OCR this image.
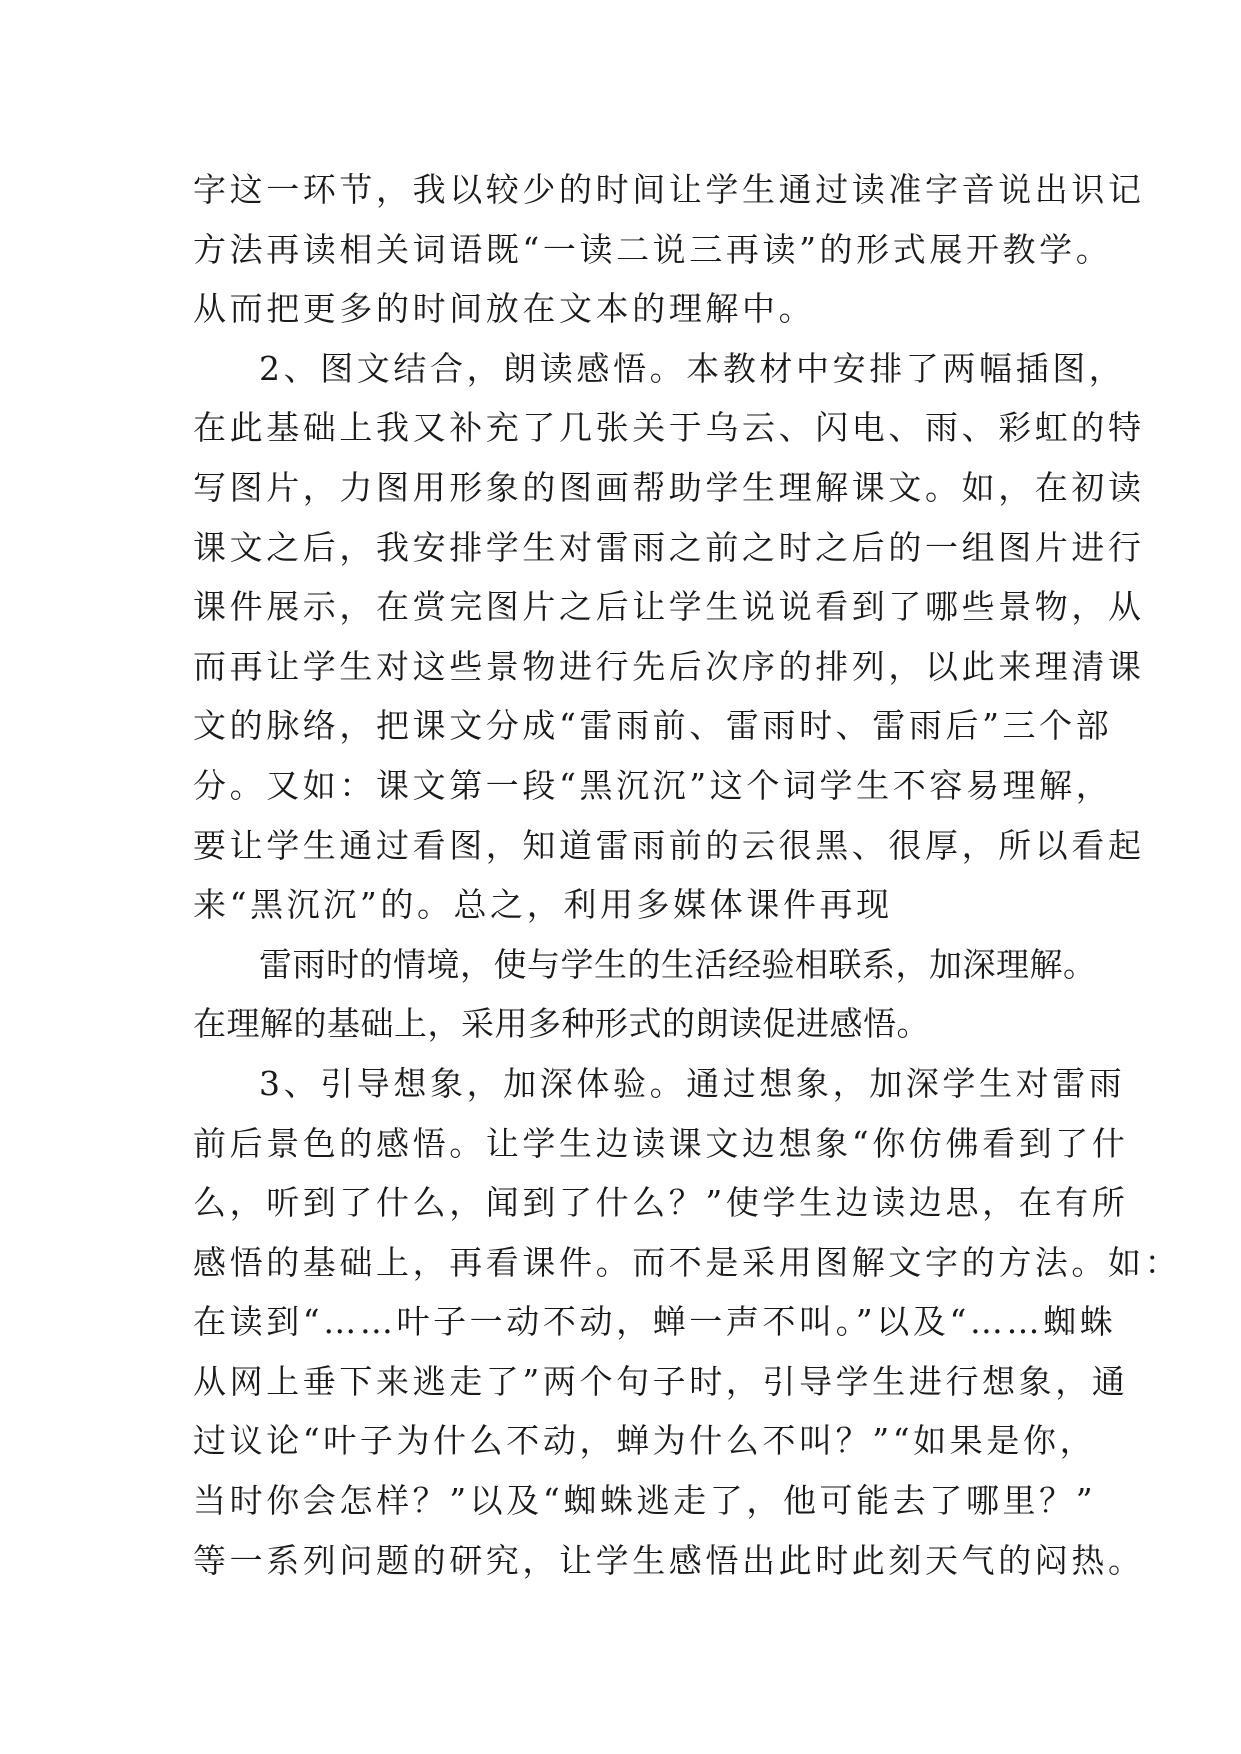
字这一环节，我以较少的时间让学生通过读准字音说出识记
方法再读相关词语既“一读二说三再读”的形式展开教学。
从而把更多的时间放在文本的理解中。
2、图文结合，朗读感悟。本教材中安排了两幅插图，
在此基础上我又补充了几张关于乌云、闪电、雨、彩虹的特
写图片，力图用形象的图画帮助学生理解课文。如，在初读
课文之后，我安排学生对雷雨之前之时之后的一组图片进行
课件展示，在赏完图片之后让学生说说看到了哪些景物，从
而再让学生对这些景物进行先后次序的排列，以此来理清课
文的脉络，把课文分成“雷雨前、雷雨时、雷雨后”三个部
分。又如：课文第一段“黑沉沉”这个词学生不容易理解，
要让学生通过看图，知道雷雨前的云很黑、很厚，所以看起
来“黑沉沉”的。总之，利用多媒体课件再现
雷雨时的情境，使与学生的生活经验相联系，加深理解。
在理解的基础上，采用多种形式的朗读促进感悟。
3、引导想象，加深体验。通过想象，加深学生对雷雨
前后景色的感悟。让学生边读课文边想象“你仿佛看到了什
么，听到了什么，闻到了什么？”使学生边读边思，在有所
感悟的基础上，再看课件。而不是采用图解文字的方法。如：
在读到“……叶子一动不动，蝉一声不叫。”以及“……蜘蛛
从网上垂下来逃走了”两个句子时，引导学生进行想象，通
过议论“叶子为什么不动，蝉为什么不叫？”“如果是你，
当时你会怎样？”以及“蜘蛛逃走了，他可能去了哪里？”
等一系列问题的研究，让学生感悟出此时此刻天气的闷热。
